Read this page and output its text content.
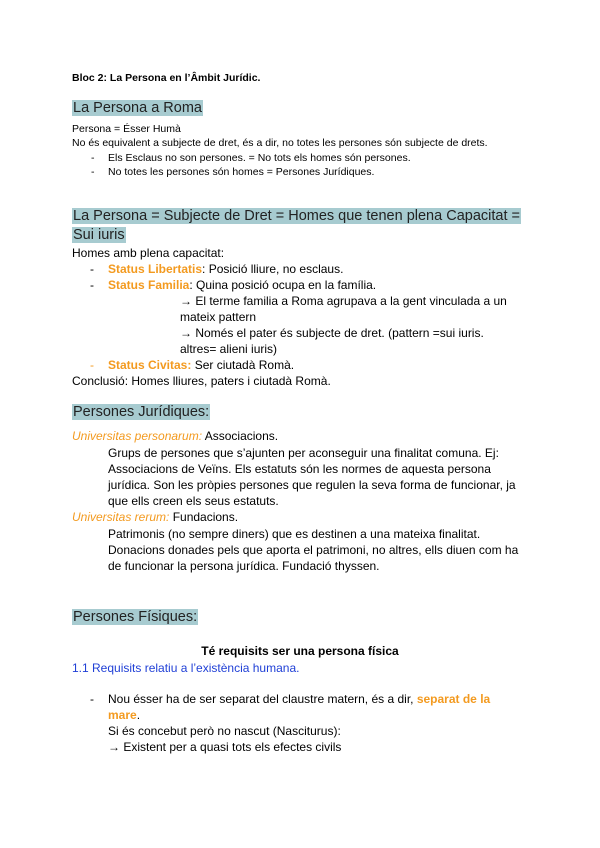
Bloc 2: La Persona en l’Âmbit Jurídic.
La Persona a Roma
Persona = Ésser Humà
No és equivalent a subjecte de dret, és a dir, no totes les persones són subjecte de drets.
- Els Esclaus no son persones. = No tots els homes són persones.
- No totes les persones són homes = Persones Jurídiques.
La Persona = Subjecte de Dret = Homes que tenen plena Capacitat =
Sui iuris
Homes amb plena capacitat:
- Status Libertatis: Posició lliure, no esclaus.
- Status Familia: Quina posició ocupa en la família.
→ El terme familia a Roma agrupava a la gent vinculada a un
mateix pattern
→ Només el pater és subjecte de dret. (pattern =sui iuris.
altres= alieni iuris)
- Status Civitas: Ser ciutadà Romà.
Conclusió: Homes lliures, paters i ciutadà Romà.
Persones Jurídiques:
Universitas personarum: Associacions.
Grups de persones que s’ajunten per aconseguir una finalitat comuna. Ej:
Associacions de Veïns. Els estatuts són les normes de aquesta persona
jurídica. Son les pròpies persones que regulen la seva forma de funcionar, ja
que ells creen els seus estatuts.
Universitas rerum: Fundacions.
Patrimonis (no sempre diners) que es destinen a una mateixa finalitat.
Donacions donades pels que aporta el patrimoni, no altres, ells diuen com ha
de funcionar la persona jurídica. Fundació thyssen.
Persones Físiques:
Té requisits ser una persona física
1.1 Requisits relatiu a l’existència humana.
- Nou ésser ha de ser separat del claustre matern, és a dir, separat de la
mare.
Si és concebut però no nascut (Nasciturus):
→ Existent per a quasi tots els efectes civils
